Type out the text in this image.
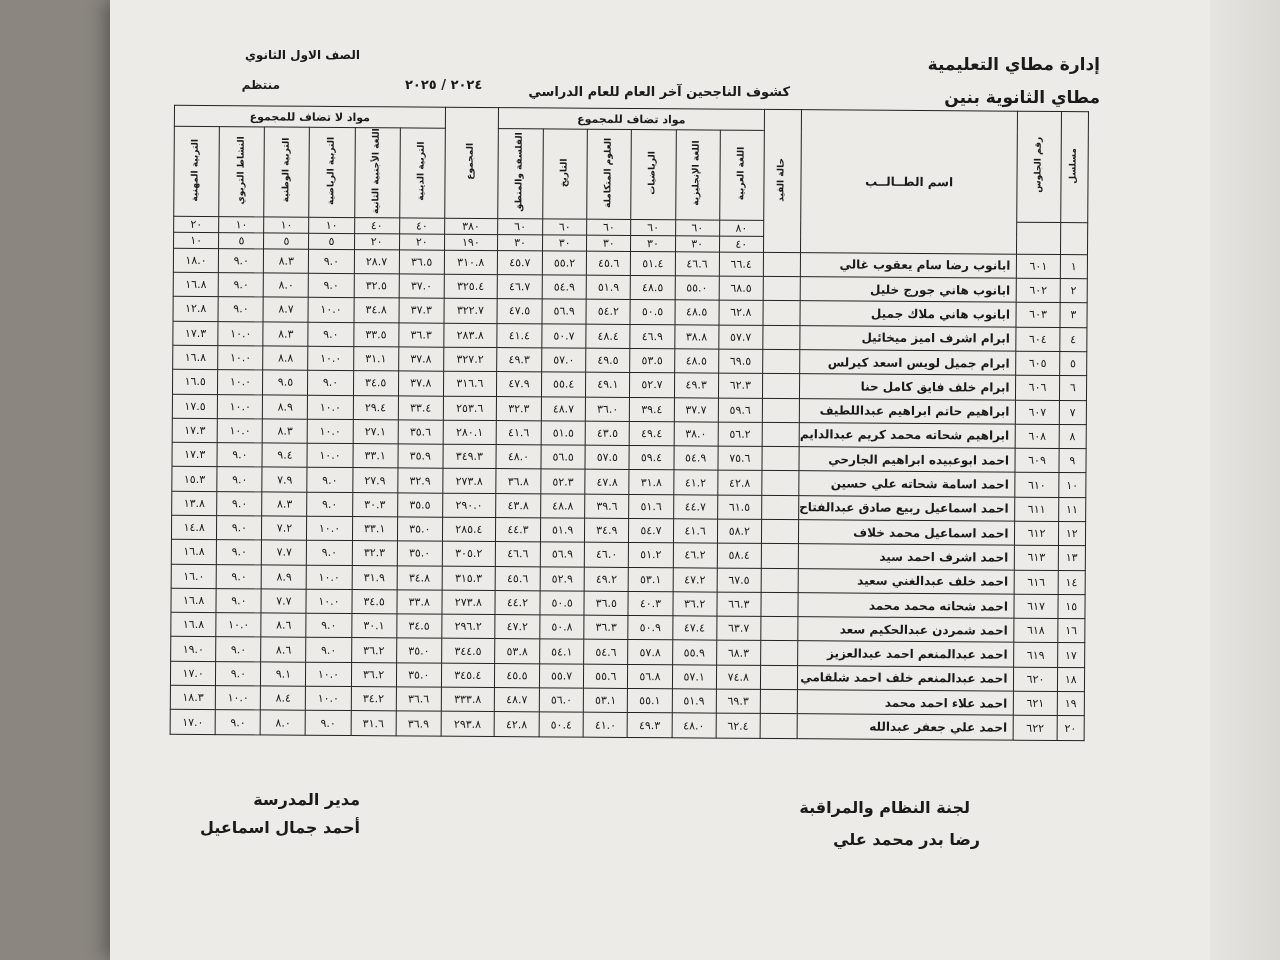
إدارة مطاي التعليمية
مطاي الثانوية بنين
الصف الاول الثانوي
منتظم	كشوف الناجحين آخر العام للعام الدراسي
٢٠٢٤ / ٢٠٢٥
مسلسل	رقم الجلوس	اسم الطــالــب	حالة القيد	مواد تضاف للمجموع						المجموع	مواد لا تضاف للمجموع					
				اللغة العربية	اللغة الإنجليزية	الرياضيات	العلوم المتكاملة	التاريخ	الفلسفة والمنطق		التربية الدينية	اللغة الأجنبية الثانية	التربية الرياضية	التربية الوطنية	النشاط التربوي	التربية المهنية
				٨٠	٦٠	٦٠	٦٠	٦٠	٦٠	٣٨٠	٤٠	٤٠	١٠	١٠	١٠	٢٠
				٤٠	٣٠	٣٠	٣٠	٣٠	٣٠	١٩٠	٢٠	٢٠	٥	٥	٥	١٠
١	٦٠١	ابانوب رضا سام يعقوب غالي		٦٦.٤	٤٦.٦	٥١.٤	٤٥.٦	٥٥.٢	٤٥.٧	٣١٠.٨	٣٦.٥	٢٨.٧	٩.٠	٨.٣	٩.٠	١٨.٠
٢	٦٠٢	ابانوب هاني جورج خليل		٦٨.٥	٥٥.٠	٤٨.٥	٥١.٩	٥٤.٩	٤٦.٧	٣٢٥.٤	٣٧.٠	٣٢.٥	٩.٠	٨.٠	٩.٠	١٦.٨
٣	٦٠٣	ابانوب هاني ملاك جميل		٦٢.٨	٤٨.٥	٥٠.٥	٥٤.٢	٥٦.٩	٤٧.٥	٣٢٢.٧	٣٧.٣	٣٤.٨	١٠.٠	٨.٧	٩.٠	١٢.٨
٤	٦٠٤	ابرام اشرف اميز ميخائيل		٥٧.٧	٣٨.٨	٤٦.٩	٤٨.٤	٥٠.٧	٤١.٤	٢٨٣.٨	٣٦.٣	٣٣.٥	٩.٠	٨.٣	١٠.٠	١٧.٣
٥	٦٠٥	ابرام جميل لويس اسعد كيرلس		٦٩.٥	٤٨.٥	٥٣.٥	٤٩.٥	٥٧.٠	٤٩.٣	٣٢٧.٢	٣٧.٨	٣١.١	١٠.٠	٨.٨	١٠.٠	١٦.٨
٦	٦٠٦	ابرام خلف فايق كامل حنا		٦٢.٣	٤٩.٣	٥٢.٧	٤٩.١	٥٥.٤	٤٧.٩	٣١٦.٦	٣٧.٨	٣٤.٥	٩.٠	٩.٥	١٠.٠	١٦.٥
٧	٦٠٧	ابراهيم حاتم ابراهيم عبداللطيف		٥٩.٦	٣٧.٧	٣٩.٤	٣٦.٠	٤٨.٧	٣٢.٣	٢٥٣.٦	٣٣.٤	٢٩.٤	١٠.٠	٨.٩	١٠.٠	١٧.٥
٨	٦٠٨	ابراهيم شحاته محمد كريم عبدالدايم		٥٦.٢	٣٨.٠	٤٩.٤	٤٣.٥	٥١.٥	٤١.٦	٢٨٠.١	٣٥.٦	٢٧.١	١٠.٠	٨.٣	١٠.٠	١٧.٣
٩	٦٠٩	احمد ابوعبيده ابراهيم الجارحي		٧٥.٦	٥٤.٩	٥٩.٤	٥٧.٥	٥٦.٥	٤٨.٠	٣٤٩.٣	٣٥.٩	٣٣.١	١٠.٠	٩.٤	٩.٠	١٧.٣
١٠	٦١٠	احمد اسامة شحاته علي حسين		٤٢.٨	٤١.٢	٣١.٨	٤٧.٨	٥٢.٣	٣٦.٨	٢٧٣.٨	٣٢.٩	٢٧.٩	٩.٠	٧.٩	٩.٠	١٥.٣
١١	٦١١	احمد اسماعيل ربيع صادق عبدالفتاح		٦١.٥	٤٤.٧	٥١.٦	٣٩.٦	٤٨.٨	٤٣.٨	٢٩٠.٠	٣٥.٥	٣٠.٣	٩.٠	٨.٣	٩.٠	١٣.٨
١٢	٦١٢	احمد اسماعيل محمد خلاف		٥٨.٢	٤١.٦	٥٤.٧	٣٤.٩	٥١.٩	٤٤.٣	٢٨٥.٤	٣٥.٠	٣٣.١	١٠.٠	٧.٢	٩.٠	١٤.٨
١٣	٦١٣	احمد اشرف احمد سيد		٥٨.٤	٤٦.٢	٥١.٢	٤٦.٠	٥٦.٩	٤٦.٦	٣٠٥.٢	٣٥.٠	٣٢.٣	٩.٠	٧.٧	٩.٠	١٦.٨
١٤	٦١٦	احمد خلف عبدالغني سعيد		٦٧.٥	٤٧.٢	٥٣.١	٤٩.٢	٥٢.٩	٤٥.٦	٣١٥.٣	٣٤.٨	٣١.٩	١٠.٠	٨.٩	٩.٠	١٦.٠
١٥	٦١٧	احمد شحاته محمد محمد		٦٦.٣	٣٦.٢	٤٠.٣	٣٦.٥	٥٠.٥	٤٤.٢	٢٧٣.٨	٣٣.٨	٣٤.٥	١٠.٠	٧.٧	٩.٠	١٦.٨
١٦	٦١٨	احمد شمردن عبدالحكيم سعد		٦٣.٧	٤٧.٤	٥٠.٩	٣٦.٣	٥٠.٨	٤٧.٢	٢٩٦.٢	٣٤.٥	٣٠.١	٩.٠	٨.٦	١٠.٠	١٦.٨
١٧	٦١٩	احمد عبدالمنعم احمد عبدالعزيز		٦٨.٣	٥٥.٩	٥٧.٨	٥٤.٦	٥٤.١	٥٣.٨	٣٤٤.٥	٣٥.٠	٣٦.٢	٩.٠	٨.٦	٩.٠	١٩.٠
١٨	٦٢٠	احمد عبدالمنعم خلف احمد شلقامي		٧٤.٨	٥٧.١	٥٦.٨	٥٥.٦	٥٥.٧	٤٥.٥	٣٤٥.٤	٣٥.٠	٣٦.٢	١٠.٠	٩.١	٩.٠	١٧.٠
١٩	٦٢١	احمد علاء احمد محمد		٦٩.٣	٥١.٩	٥٥.١	٥٣.١	٥٦.٠	٤٨.٧	٣٣٣.٨	٣٦.٦	٣٤.٢	١٠.٠	٨.٤	١٠.٠	١٨.٣
٢٠	٦٢٢	احمد علي جعفر عبدالله		٦٢.٤	٤٨.٠	٤٩.٣	٤١.٠	٥٠.٤	٤٢.٨	٢٩٣.٨	٣٦.٩	٣١.٦	٩.٠	٨.٠	٩.٠	١٧.٠
مدير المدرسة
أحمد جمال اسماعيل
لجنة النظام والمراقبة
رضا بدر محمد علي
